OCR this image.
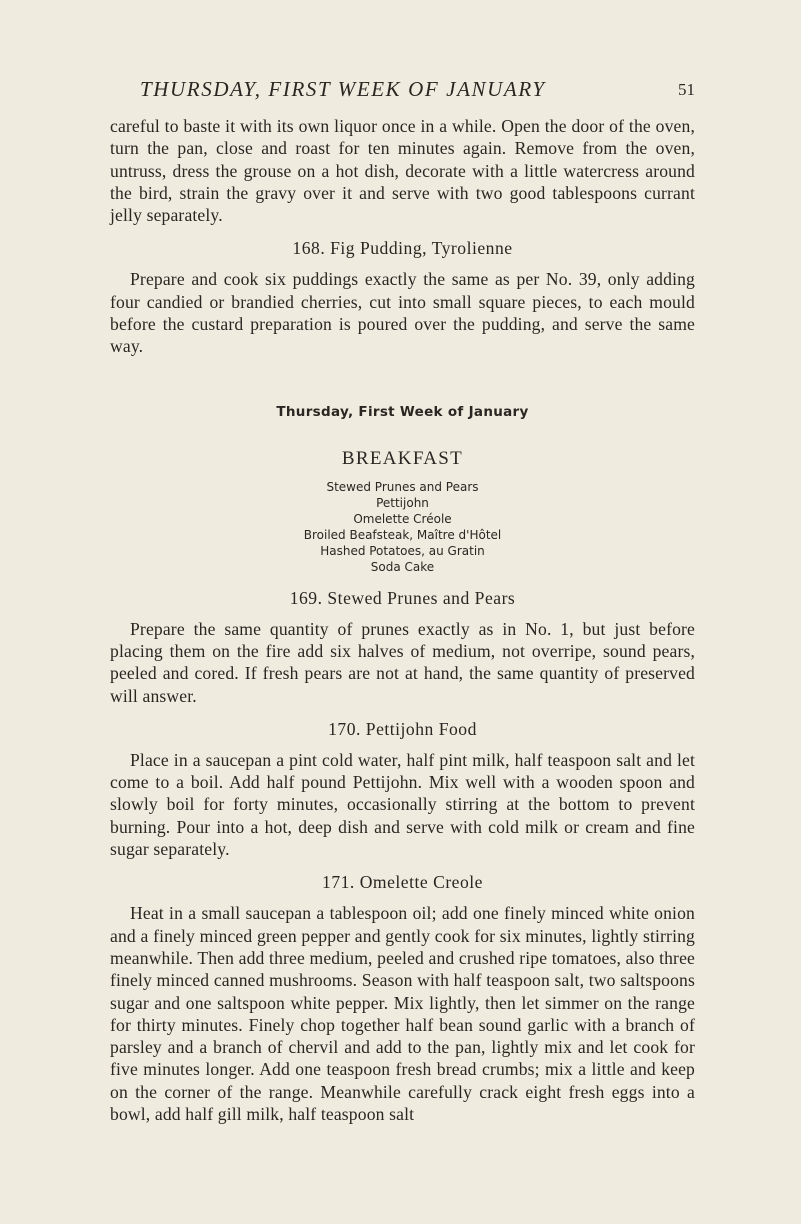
THURSDAY, FIRST WEEK OF JANUARY	51

careful to baste it with its own liquor once in a while. Open the door of the oven, turn the pan, close and roast for ten minutes again. Remove from the oven, untruss, dress the grouse on a hot dish, decorate with a little watercress around the bird, strain the gravy over it and serve with two good tablespoons currant jelly separately.

168. Fig Pudding, Tyrolienne

Prepare and cook six puddings exactly the same as per No. 39, only adding four candied or brandied cherries, cut into small square pieces, to each mould before the custard preparation is poured over the pudding, and serve the same way.

Thursday, First Week of January
BREAKFAST
Stewed Prunes and Pears
Pettijohn
Omelette Créole
Broiled Beafsteak, Maître d'Hôtel
Hashed Potatoes, au Gratin
Soda Cake
169. Stewed Prunes and Pears

Prepare the same quantity of prunes exactly as in No. 1, but just before placing them on the fire add six halves of medium, not overripe, sound pears, peeled and cored. If fresh pears are not at hand, the same quantity of preserved will answer.

170. Pettijohn Food

Place in a saucepan a pint cold water, half pint milk, half teaspoon salt and let come to a boil. Add half pound Pettijohn. Mix well with a wooden spoon and slowly boil for forty minutes, occasionally stirring at the bottom to prevent burning. Pour into a hot, deep dish and serve with cold milk or cream and fine sugar separately.

171. Omelette Creole

Heat in a small saucepan a tablespoon oil; add one finely minced white onion and a finely minced green pepper and gently cook for six minutes, lightly stirring meanwhile. Then add three medium, peeled and crushed ripe tomatoes, also three finely minced canned mushrooms. Season with half teaspoon salt, two saltspoons sugar and one saltspoon white pepper. Mix lightly, then let simmer on the range for thirty minutes. Finely chop together half bean sound garlic with a branch of parsley and a branch of chervil and add to the pan, lightly mix and let cook for five minutes longer. Add one teaspoon fresh bread crumbs; mix a little and keep on the corner of the range. Meanwhile carefully crack eight fresh eggs into a bowl, add half gill milk, half teaspoon salt
